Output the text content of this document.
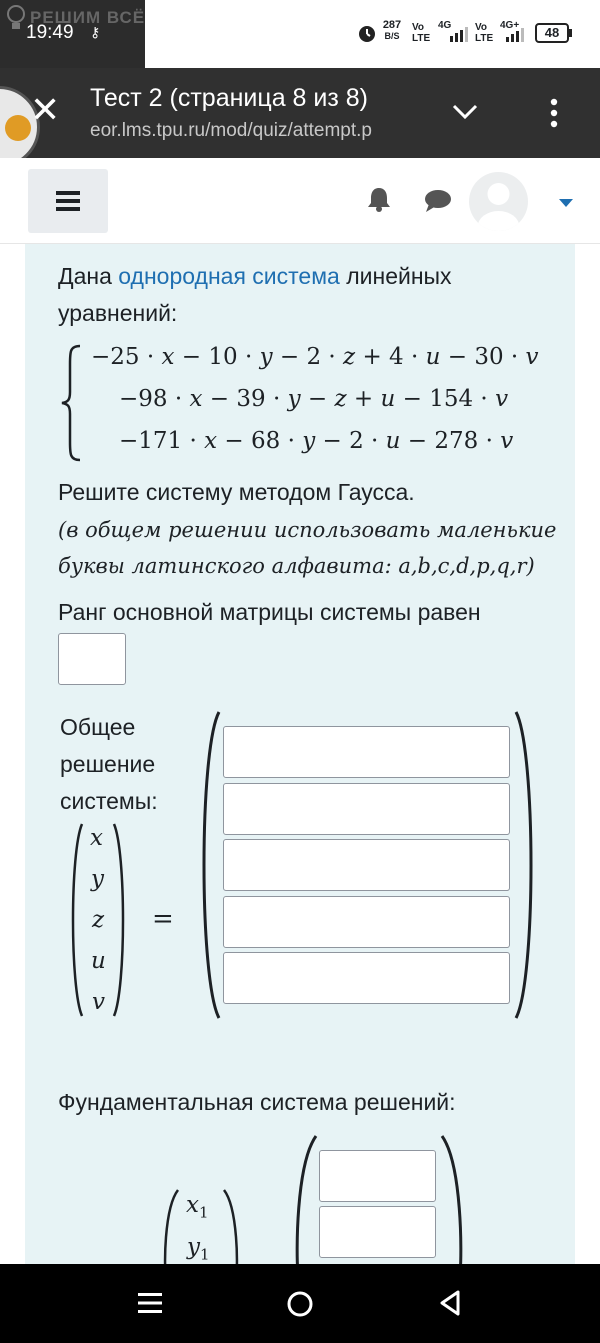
РЕШИМ ВСЁ
19:49 ⚷	287
B/S
Vo
LTE
4G Vo
LTE
4G+	48
✕ Тест 2 (страница 8 из 8)
eor.lms.tpu.ru/mod/quiz/attempt.p
Дана однородная система линейных
уравнений:
−25 · x − 10 · y − 2 · z + 4 · u − 30 · v
−98 · x − 39 · y − z + u − 154 · v
−171 · x − 68 · y − 2 · u − 278 · v
Решите систему методом Гаусса.
(в общем решении использовать маленькие
буквы латинского алфавита: a,b,c,d,p,q,r)
Ранг основной матрицы системы равен
Общее
решение
системы:
x
y
z
u
v
=
Фундаментальная система решений:
$x_1$
$y_1$
